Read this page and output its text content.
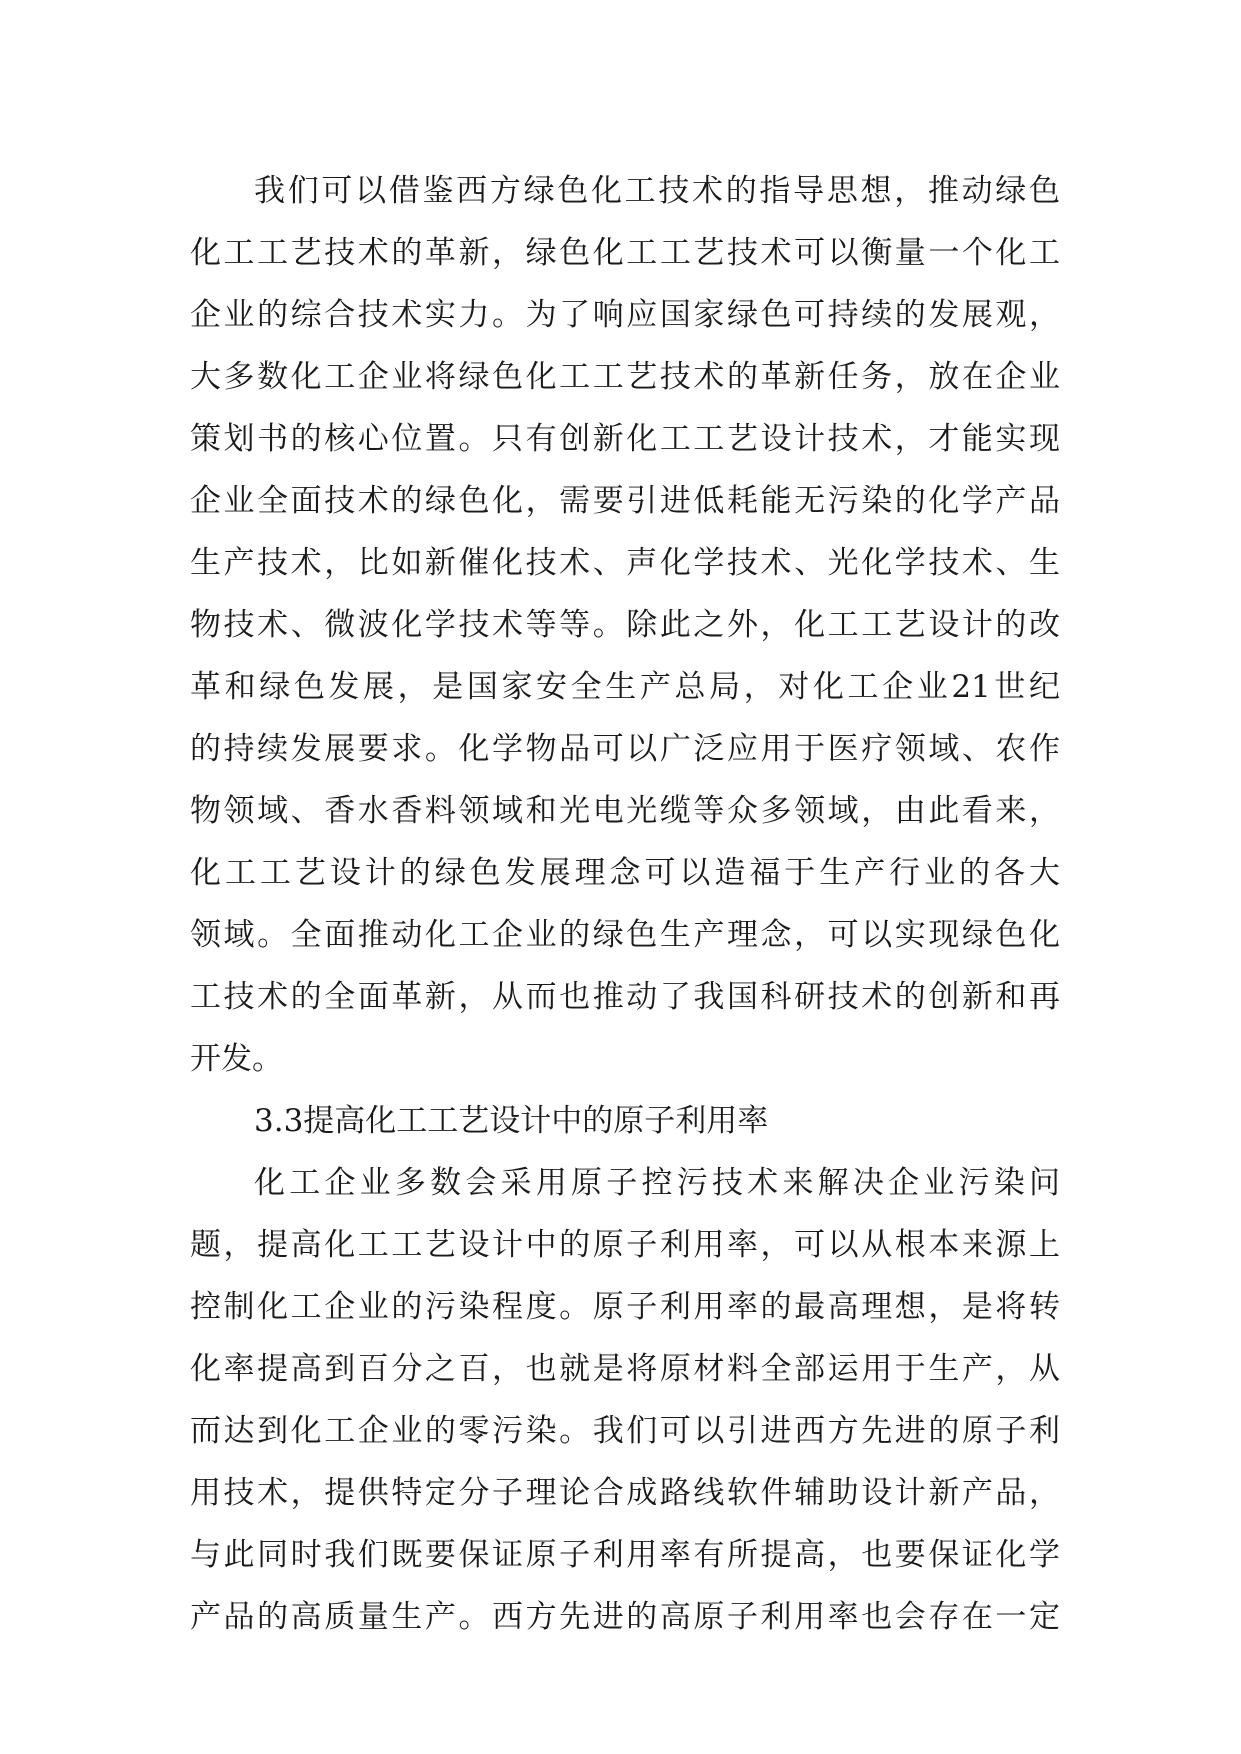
我们可以借鉴西方绿色化工技术的指导思想，推动绿色
化工工艺技术的革新，绿色化工工艺技术可以衡量一个化工
企业的综合技术实力。为了响应国家绿色可持续的发展观，
大多数化工企业将绿色化工工艺技术的革新任务，放在企业
策划书的核心位置。只有创新化工工艺设计技术，才能实现
企业全面技术的绿色化，需要引进低耗能无污染的化学产品
生产技术，比如新催化技术、声化学技术、光化学技术、生
物技术、微波化学技术等等。除此之外，化工工艺设计的改
革和绿色发展，是国家安全生产总局，对化工企业21世纪
的持续发展要求。化学物品可以广泛应用于医疗领域、农作
物领域、香水香料领域和光电光缆等众多领域，由此看来，
化工工艺设计的绿色发展理念可以造福于生产行业的各大
领域。全面推动化工企业的绿色生产理念，可以实现绿色化
工技术的全面革新，从而也推动了我国科研技术的创新和再
开发。
3.3提高化工工艺设计中的原子利用率
化工企业多数会采用原子控污技术来解决企业污染问
题，提高化工工艺设计中的原子利用率，可以从根本来源上
控制化工企业的污染程度。原子利用率的最高理想，是将转
化率提高到百分之百，也就是将原材料全部运用于生产，从
而达到化工企业的零污染。我们可以引进西方先进的原子利
用技术，提供特定分子理论合成路线软件辅助设计新产品，
与此同时我们既要保证原子利用率有所提高，也要保证化学
产品的高质量生产。西方先进的高原子利用率也会存在一定
